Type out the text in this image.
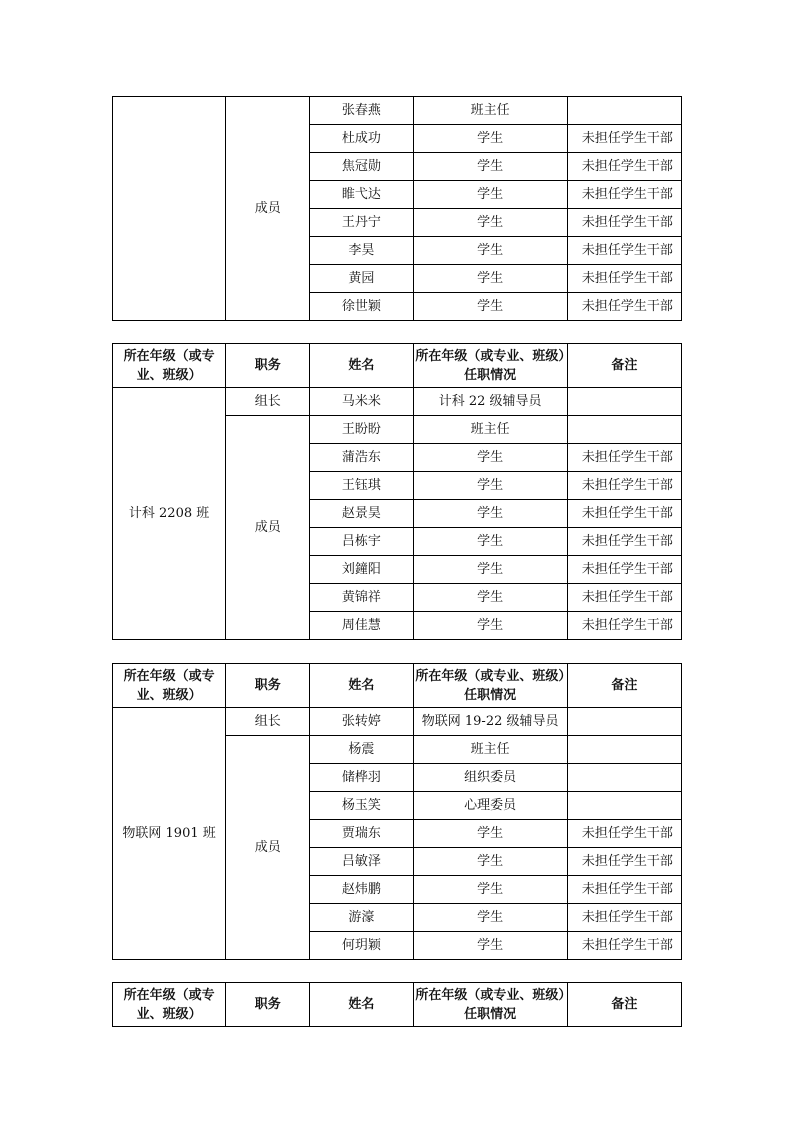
	成员	张春燕	班主任	
		杜成功	学生	未担任学生干部
		焦冠勋	学生	未担任学生干部
		睢弋达	学生	未担任学生干部
		王丹宁	学生	未担任学生干部
		李昊	学生	未担任学生干部
		黄园	学生	未担任学生干部
		徐世颖	学生	未担任学生干部
所在年级（或专业、班级）	职务	姓名	所在年级（或专业、班级）任职情况	备注
计科 2208 班	组长	马米米	计科 22 级辅导员	
	成员	王盼盼	班主任	
		蒲浩东	学生	未担任学生干部
		王钰琪	学生	未担任学生干部
		赵景昊	学生	未担任学生干部
		吕栋宇	学生	未担任学生干部
		刘鐘阳	学生	未担任学生干部
		黄锦祥	学生	未担任学生干部
		周佳慧	学生	未担任学生干部
所在年级（或专业、班级）	职务	姓名	所在年级（或专业、班级）任职情况	备注
物联网 1901 班	组长	张转婷	物联网 19-22 级辅导员	
	成员	杨震	班主任	
		储桦羽	组织委员	
		杨玉笑	心理委员	
		贾瑞东	学生	未担任学生干部
		吕敏泽	学生	未担任学生干部
		赵炜鹏	学生	未担任学生干部
		游濠	学生	未担任学生干部
		何玥颖	学生	未担任学生干部
所在年级（或专业、班级）	职务	姓名	所在年级（或专业、班级）任职情况	备注
